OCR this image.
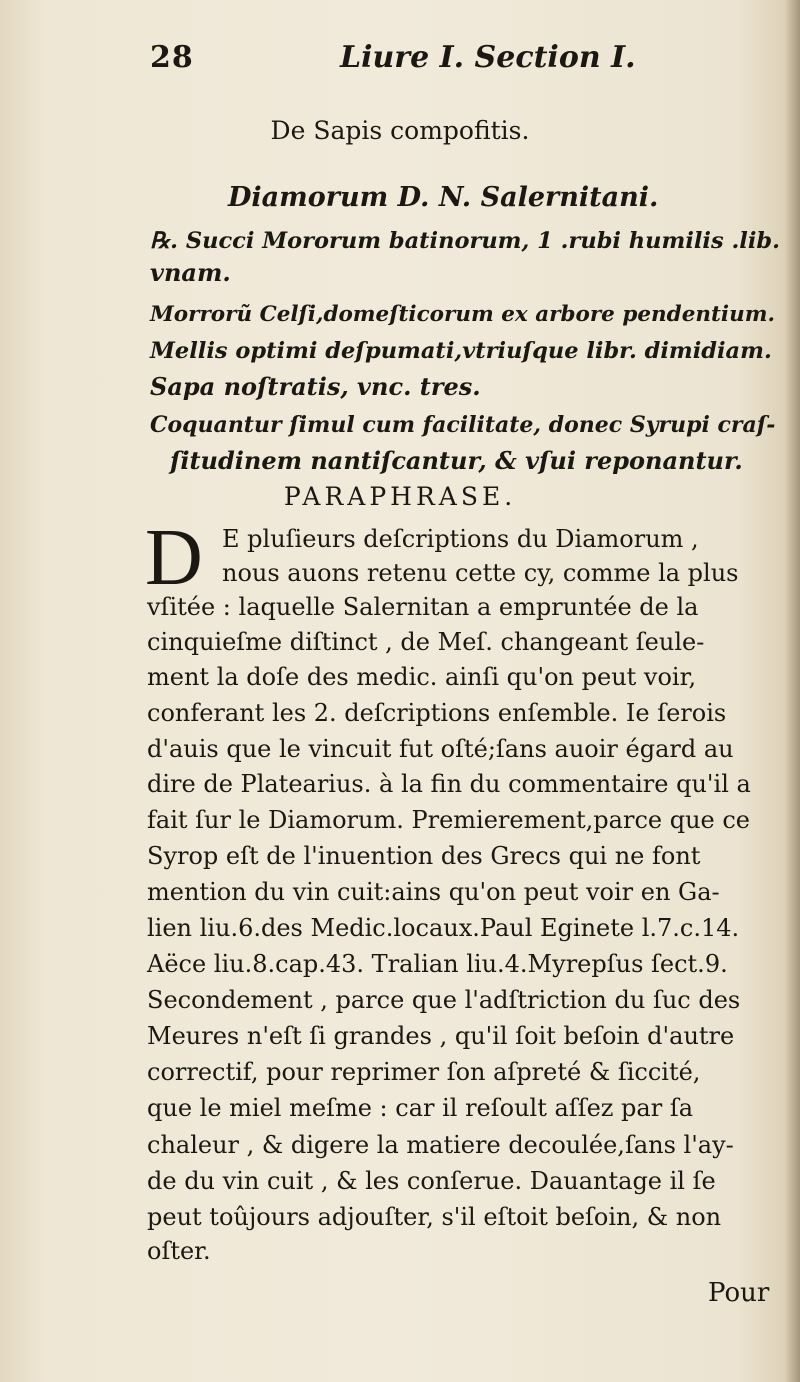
28	Liure I. Section I.
De Sapis compofitis.
Diamorum D. N. Salernitani.
℞. Succi Mororum batinorum, 1 .rubi humilis .lib.
vnam.
Morrorũ Celſi,domeſticorum ex arbore pendentium.
Mellis optimi deſpumati,vtriuſque libr. dimidiam.
Sapa noſtratis, vnc. tres.
Coquantur ſimul cum facilitate, donec Syrupi craſ-
ſitudinem nantiſcantur, & vſui reponantur.
PARAPHRASE.
D E pluſieurs deſcriptions du Diamorum ,
nous auons retenu cette cy, comme la plus
vſitée : laquelle Salernitan a empruntée de la
cinquieſme diſtinct , de Meſ. changeant ſeule-
ment la doſe des medic. ainſi qu'on peut voir,
conferant les 2. deſcriptions enſemble. Ie ſerois
d'auis que le vincuit fut oſté;ſans auoir égard au
dire de Platearius. à la fin du commentaire qu'il a
fait ſur le Diamorum. Premierement,parce que ce
Syrop eſt de l'inuention des Grecs qui ne font
mention du vin cuit:ains qu'on peut voir en Ga-
lien liu.6.des Medic.locaux.Paul Eginete l.7.c.14.
Aëce liu.8.cap.43. Tralian liu.4.Myrepſus ſect.9.
Secondement , parce que l'adſtriction du ſuc des
Meures n'eſt ſi grandes , qu'il ſoit beſoin d'autre
correctif, pour reprimer ſon aſpreté & ſiccité,
que le miel meſme : car il reſoult aſſez par ſa
chaleur , & digere la matiere decoulée,ſans l'ay-
de du vin cuit , & les conſerue. Dauantage il ſe
peut toûjours adjouſter, s'il eſtoit beſoin, & non
oſter.
Pour
